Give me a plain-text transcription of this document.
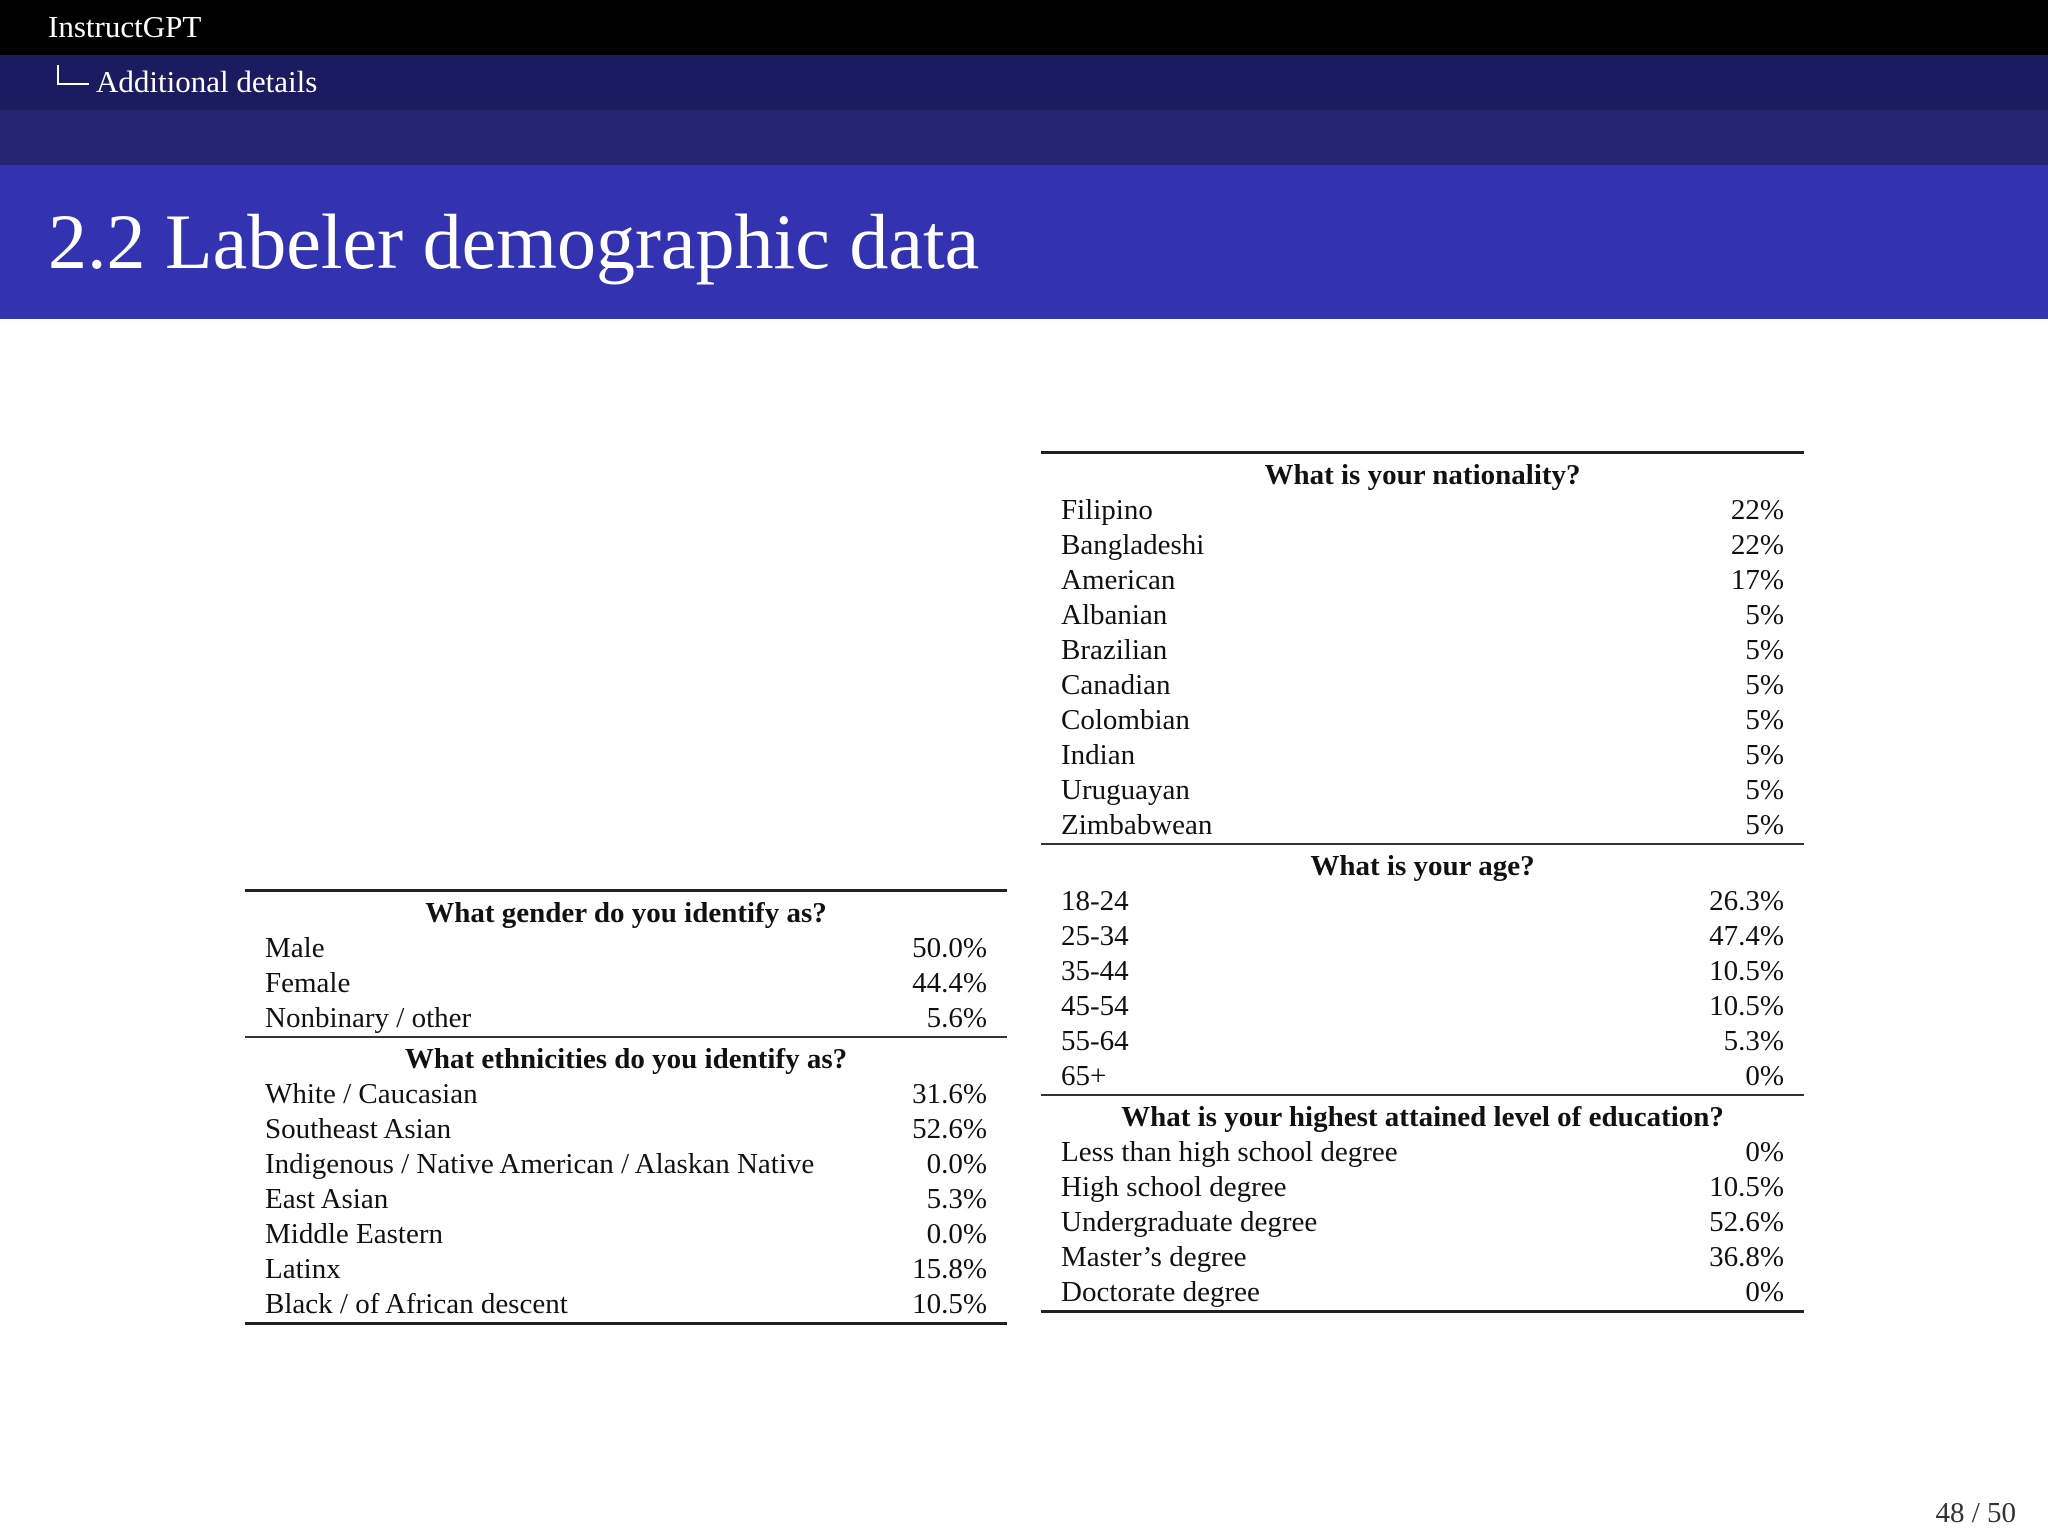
InstructGPT
Additional details
2.2 Labeler demographic data
What gender do you identify as?
Male	50.0%
Female	44.4%
Nonbinary / other	5.6%
What ethnicities do you identify as?
White / Caucasian	31.6%
Southeast Asian	52.6%
Indigenous / Native American / Alaskan Native	0.0%
East Asian	5.3%
Middle Eastern	0.0%
Latinx	15.8%
Black / of African descent	10.5%
What is your nationality?
Filipino	22%
Bangladeshi	22%
American	17%
Albanian	5%
Brazilian	5%
Canadian	5%
Colombian	5%
Indian	5%
Uruguayan	5%
Zimbabwean	5%
What is your age?
18-24	26.3%
25-34	47.4%
35-44	10.5%
45-54	10.5%
55-64	5.3%
65+	0%
What is your highest attained level of education?
Less than high school degree	0%
High school degree	10.5%
Undergraduate degree	52.6%
Master’s degree	36.8%
Doctorate degree	0%
48 / 50
